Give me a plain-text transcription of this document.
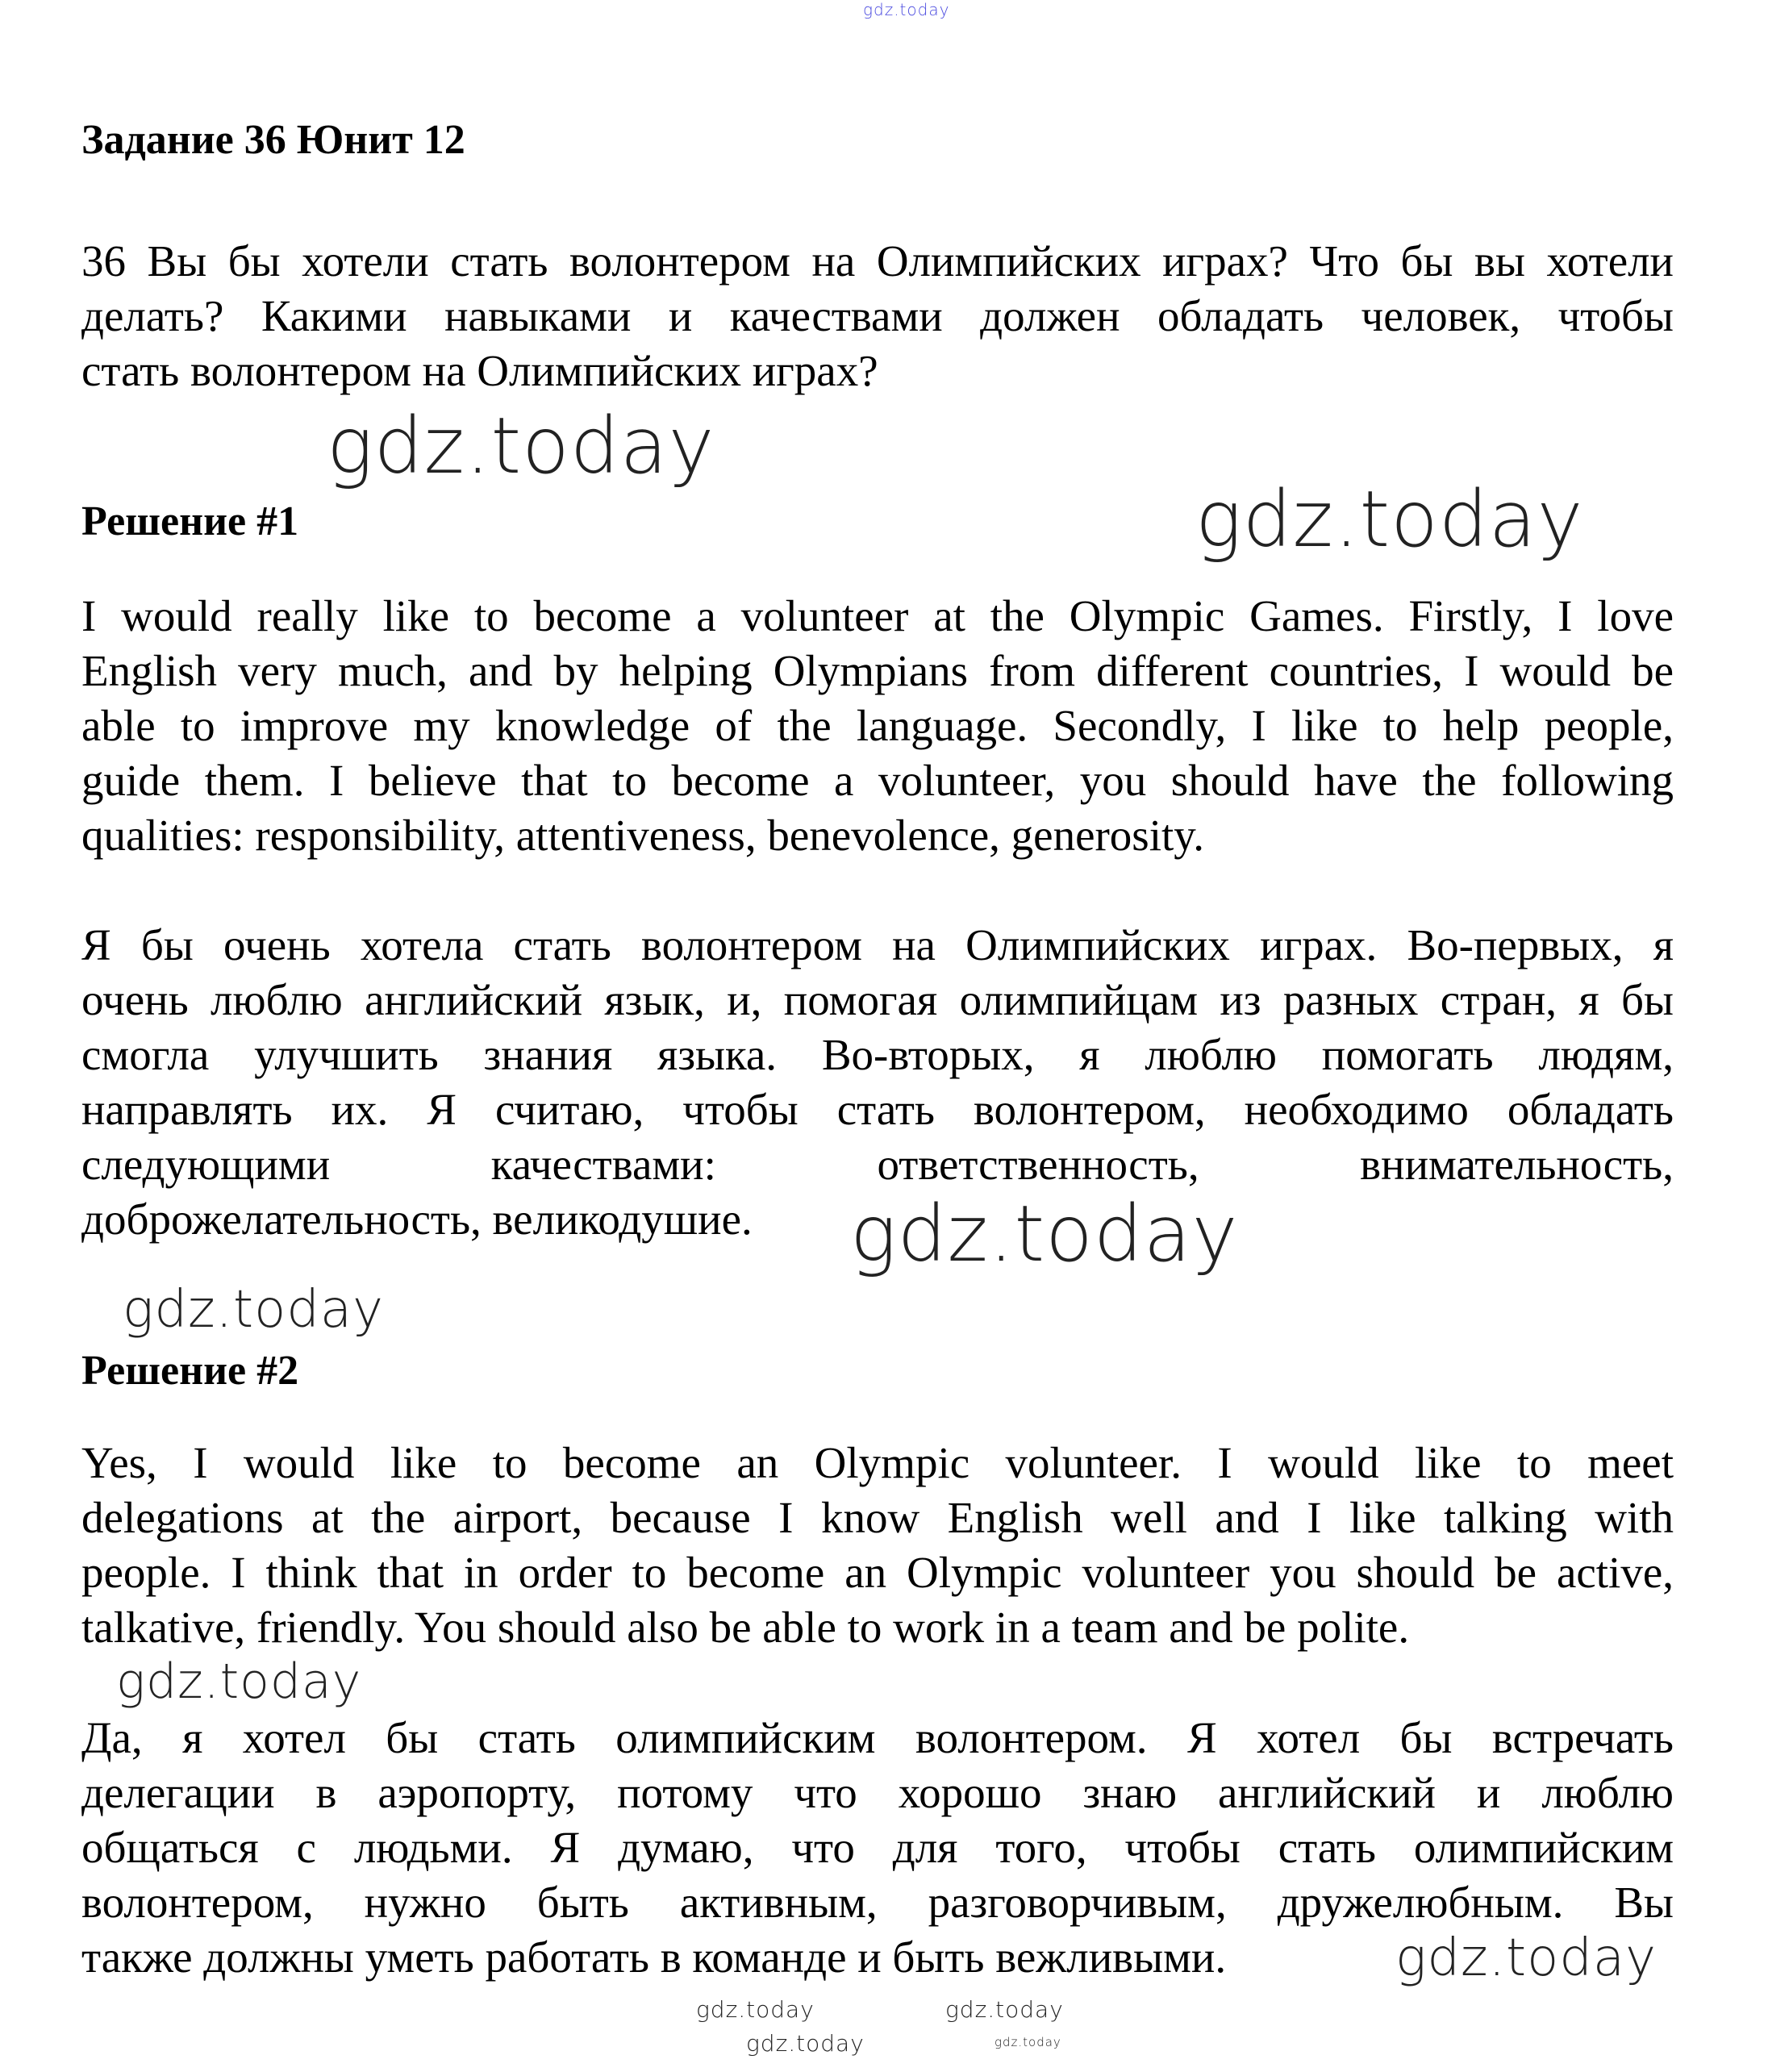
gdz.today
Задание 36 Юнит 12
36 Вы бы хотели стать волонтером на Олимпийских играх? Что бы вы хотели
делать? Какими навыками и качествами должен обладать человек, чтобы
стать волонтером на Олимпийских играх?
Решение #1
I would really like to become a volunteer at the Olympic Games. Firstly, I love
English very much, and by helping Olympians from different countries, I would be
able to improve my knowledge of the language. Secondly, I like to help people,
guide them. I believe that to become a volunteer, you should have the following
qualities: responsibility, attentiveness, benevolence, generosity.
Я бы очень хотела стать волонтером на Олимпийских играх. Во-первых, я
очень люблю английский язык, и, помогая олимпийцам из разных стран, я бы
смогла улучшить знания языка. Во-вторых, я люблю помогать людям,
направлять их. Я считаю, чтобы стать волонтером, необходимо обладать
следующими качествами: ответственность, внимательность,
доброжелательность, великодушие.
Решение #2
Yes, I would like to become an Olympic volunteer. I would like to meet
delegations at the airport, because I know English well and I like talking with
people. I think that in order to become an Olympic volunteer you should be active,
talkative, friendly. You should also be able to work in a team and be polite.
Да, я хотел бы стать олимпийским волонтером. Я хотел бы встречать
делегации в аэропорту, потому что хорошо знаю английский и люблю
общаться с людьми. Я думаю, что для того, чтобы стать олимпийским
волонтером, нужно быть активным, разговорчивым, дружелюбным. Вы
также должны уметь работать в команде и быть вежливыми.
gdz.today
gdz.today
gdz.today
gdz.today
gdz.today
gdz.today	gdz.today
gdz.today	gdz.today
gdz.today
